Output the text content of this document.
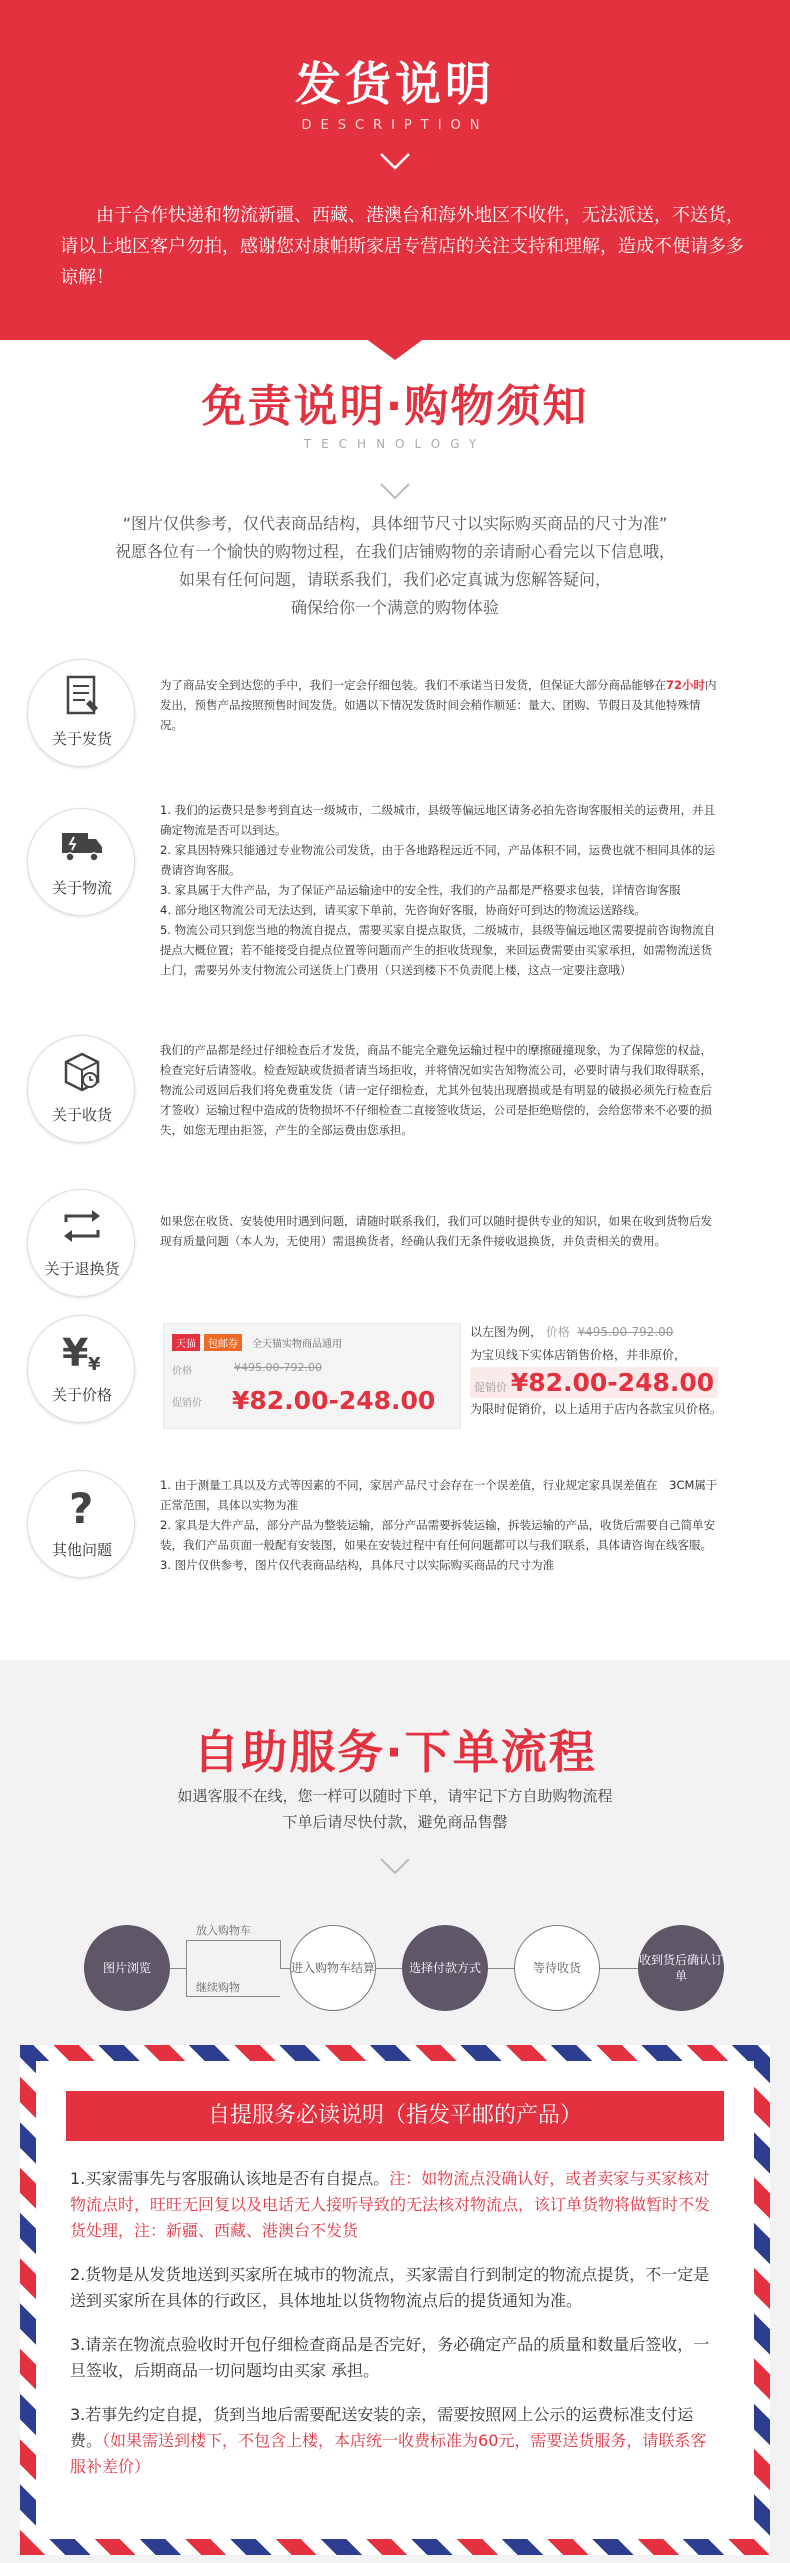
发货说明
DESCRIPTION
由于合作快递和物流新疆、西藏、港澳台和海外地区不收件，无法派送，不送货，请以上地区客户勿拍，感谢您对康帕斯家居专营店的关注支持和理解，造成不便请多多谅解！
免责说明·购物须知
TECHNOLOGY
“图片仅供参考，仅代表商品结构，具体细节尺寸以实际购买商品的尺寸为准”
祝愿各位有一个愉快的购物过程，在我们店铺购物的亲请耐心看完以下信息哦，
如果有任何问题，请联系我们，我们必定真诚为您解答疑问，
确保给你一个满意的购物体验
关于发货
为了商品安全到达您的手中，我们一定会仔细包装。我们不承诺当日发货，但保证大部分商品能够在72小时内发出，预售产品按照预售时间发货。如遇以下情况发货时间会稍作顺延：量大、团购、节假日及其他特殊情况。
关于物流
1. 我们的运费只是参考到直达一级城市，二级城市，县级等偏远地区请务必拍先咨询客服相关的运费用，并且确定物流是否可以到达。
2. 家具因特殊只能通过专业物流公司发货，由于各地路程远近不同，产品体积不同，运费也就不相同具体的运费请咨询客服。
3. 家具属于大件产品，为了保证产品运输途中的安全性，我们的产品都是严格要求包装，详情咨询客服
4. 部分地区物流公司无法达到，请买家下单前，先咨询好客服，协商好可到达的物流运送路线。
5. 物流公司只到您当地的物流自提点，需要买家自提点取货，二级城市，县级等偏远地区需要提前咨询物流自提点大概位置；若不能接受自提点位置等问题而产生的拒收货现象，来回运费需要由买家承担，如需物流送货上门，需要另外支付物流公司送货上门费用（只送到楼下不负责爬上楼，这点一定要注意哦）
关于收货
我们的产品都是经过仔细检查后才发货，商品不能完全避免运输过程中的摩擦碰撞现象，为了保障您的权益，检查完好后请签收。检查短缺或货损者请当场拒收，并将情况如实告知物流公司，必要时请与我们取得联系，物流公司返回后我们将免费重发货（请一定仔细检查，尤其外包装出现磨损或是有明显的破损必须先行检查后才签收）运输过程中造成的货物损坏不仔细检查二直接签收货运，公司是拒绝赔偿的，会给您带来不必要的损失，如您无理由拒签，产生的全部运费由您承担。
关于退换货
如果您在收货、安装使用时遇到问题，请随时联系我们，我们可以随时提供专业的知识，如果在收到货物后发现有质量问题（本人为，无使用）需退换货者，经确认我们无条件接收退换货，并负责相关的费用。
¥ ¥
关于价格
天猫	包邮券	全天猫实物商品通用
价格	¥495.00-792.00
促销价 ¥82.00-248.00
以左图为例， 价格 ¥495.00-792.00
为宝贝线下实体店销售价格，并非原价，
促销价 ¥82.00-248.00
为限时促销价，以上适用于店内各款宝贝价格。
?
其他问题
1. 由于测量工具以及方式等因素的不同，家居产品尺寸会存在一个误差值，行业规定家具误差值在　3CM属于正常范围，具体以实物为准
2. 家具是大件产品，部分产品为整装运输，部分产品需要拆装运输，拆装运输的产品，收货后需要自己简单安装，我们产品页面一般配有安装图，如果在安装过程中有任何问题都可以与我们联系，具体请咨询在线客服。
3. 图片仅供参考，图片仅代表商品结构，具体尺寸以实际购买商品的尺寸为准
自助服务·下单流程
如遇客服不在线，您一样可以随时下单，请牢记下方自助购物流程
下单后请尽快付款，避免商品售罄
图片浏览
放入购物车
继续购物
进入购物车结算	选择付款方式	等待收货
收到货后确认订单
自提服务必读说明（指发平邮的产品）

1.买家需事先与客服确认该地是否有自提点。注：如物流点没确认好，或者卖家与买家核对物流点时，旺旺无回复以及电话无人接听导致的无法核对物流点，该订单货物将做暂时不发货处理，注：新疆、西藏、港澳台不发货

2.货物是从发货地送到买家所在城市的物流点，买家需自行到制定的物流点提货，不一定是送到买家所在具体的行政区，具体地址以货物物流点后的提货通知为准。

3.请亲在物流点验收时开包仔细检查商品是否完好，务必确定产品的质量和数量后签收，一旦签收，后期商品一切问题均由买家 承担。

3.若事先约定自提，货到当地后需要配送安装的亲，需要按照网上公示的运费标准支付运费。（如果需送到楼下，不包含上楼，本店统一收费标准为60元，需要送货服务，请联系客服补差价）
